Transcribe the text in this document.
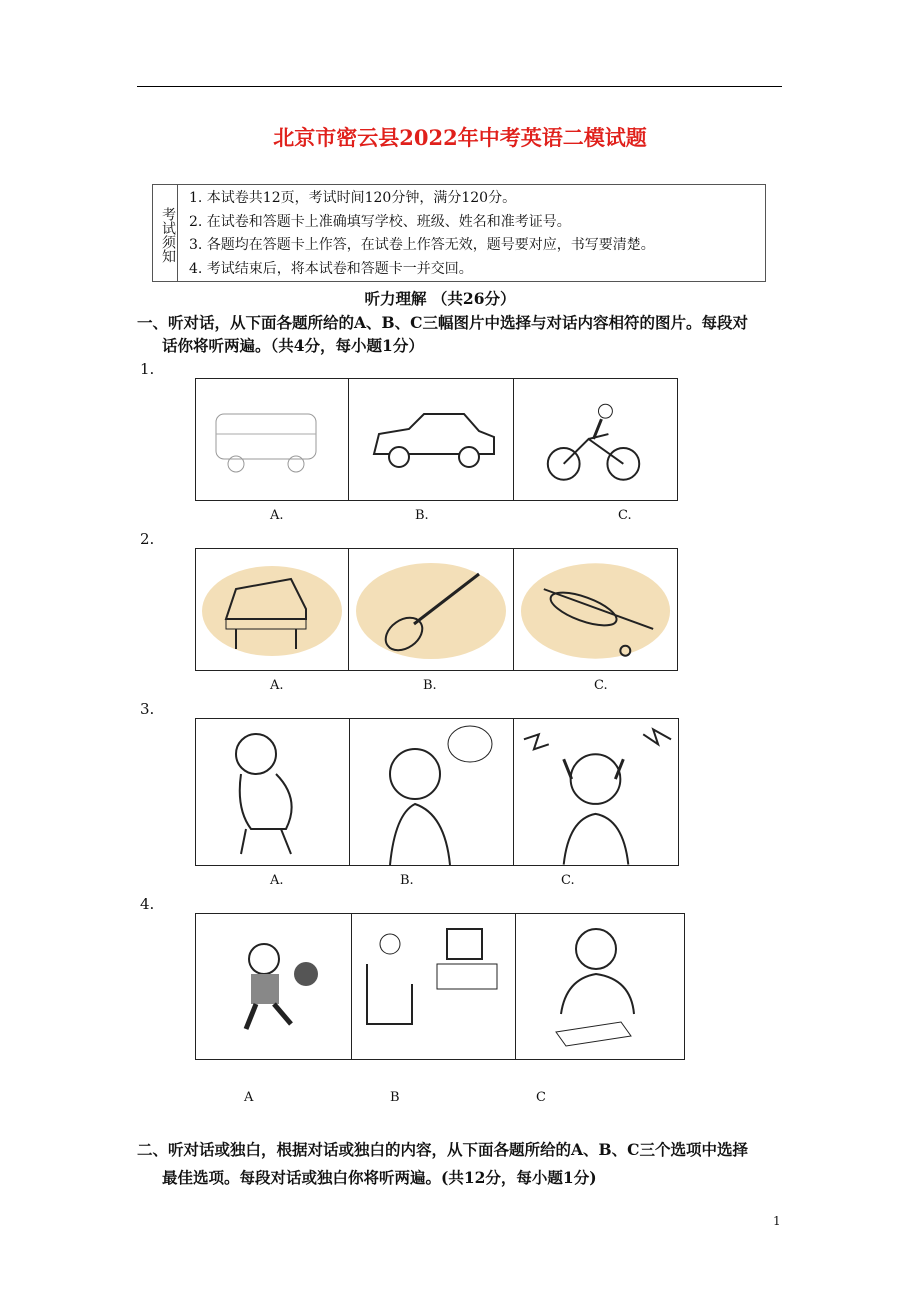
北京市密云县2022年中考英语二模试题
考试须知
1. 本试卷共12页，考试时间120分钟，满分120分。
2. 在试卷和答题卡上准确填写学校、班级、姓名和准考证号。
3. 各题均在答题卡上作答，在试卷上作答无效，题号要对应，书写要清楚。
4. 考试结束后，将本试卷和答题卡一并交回。
听力理解 （共26分）
一、听对话，从下面各题所给的A、B、C三幅图片中选择与对话内容相符的图片。每段对
话你将听两遍。（共4分，每小题1分）
1.
A.	B.	C.
2.
A.	B.	C.
3.
A.	B.	C.
4.
A	B	C
二、听对话或独白，根据对话或独白的内容，从下面各题所给的A、B、C三个选项中选择
最佳选项。每段对话或独白你将听两遍。(共12分，每小题1分)
1
